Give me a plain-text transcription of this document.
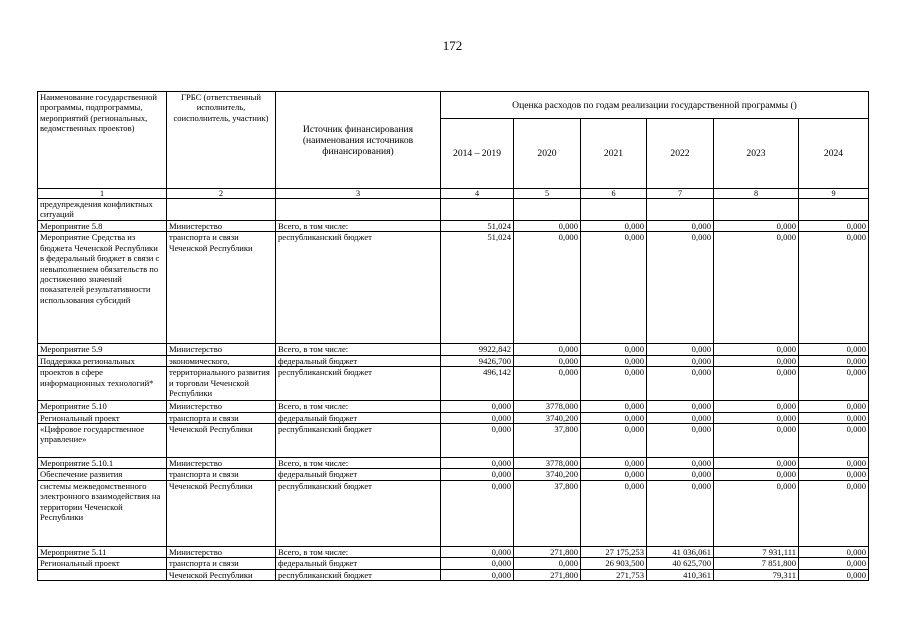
172
Наименование государственной программы, подпрограммы, мероприятий (региональных, ведомственных проектов)	ГРБС (ответственный исполнитель, соисполнитель, участник)	Источник финансирования (наименования источников финансирования)	Оценка расходов по годам реализации государственной программы ()					
			2014 – 2019	2020	2021	2022	2023	2024
1	2	3	4	5	6	7	8	9
предупреждения конфликтных ситуаций								
Мероприятие 5.8	Министерство	Всего, в том числе:	51,024	0,000	0,000	0,000	0,000	0,000
Мероприятие Средства из бюджета Чеченской Республики в федеральный бюджет в связи с невыполнением обязательств по достижению значений показателей результативности использования субсидий	транспорта и связи Чеченской Республики	республиканский бюджет	51,024	0,000	0,000	0,000	0,000	0,000
Мероприятие 5.9	Министерство	Всего, в том числе:	9922,842	0,000	0,000	0,000	0,000	0,000
Поддержка региональных	экономического,	федеральный бюджет	9426,700	0,000	0,000	0,000	0,000	0,000
проектов в сфере информационных технологий*	территориального развития и торговли Чеченской Республики	республиканский бюджет	496,142	0,000	0,000	0,000	0,000	0,000
Мероприятие 5.10	Министерство	Всего, в том числе:	0,000	3778,000	0,000	0,000	0,000	0,000
Региональный проект	транспорта и связи	федеральный бюджет	0,000	3740,200	0,000	0,000	0,000	0,000
«Цифровое государственное управление»	Чеченской Республики	республиканский бюджет	0,000	37,800	0,000	0,000	0,000	0,000
Мероприятие 5.10.1	Министерство	Всего, в том числе:	0,000	3778,000	0,000	0,000	0,000	0,000
Обеспечение развития	транспорта и связи	федеральный бюджет	0,000	3740,200	0,000	0,000	0,000	0,000
системы межведомственного электронного взаимодействия на территории Чеченской Республики	Чеченской Республики	республиканский бюджет	0,000	37,800	0,000	0,000	0,000	0,000
Мероприятие 5.11	Министерство	Всего, в том числе:	0,000	271,800	27 175,253	41 036,061	7 931,111	0,000
Региональный проект	транспорта и связи	федеральный бюджет	0,000	0,000	26 903,500	40 625,700	7 851,800	0,000
	Чеченской Республики	республиканский бюджет	0,000	271,800	271,753	410,361	79,311	0,000
